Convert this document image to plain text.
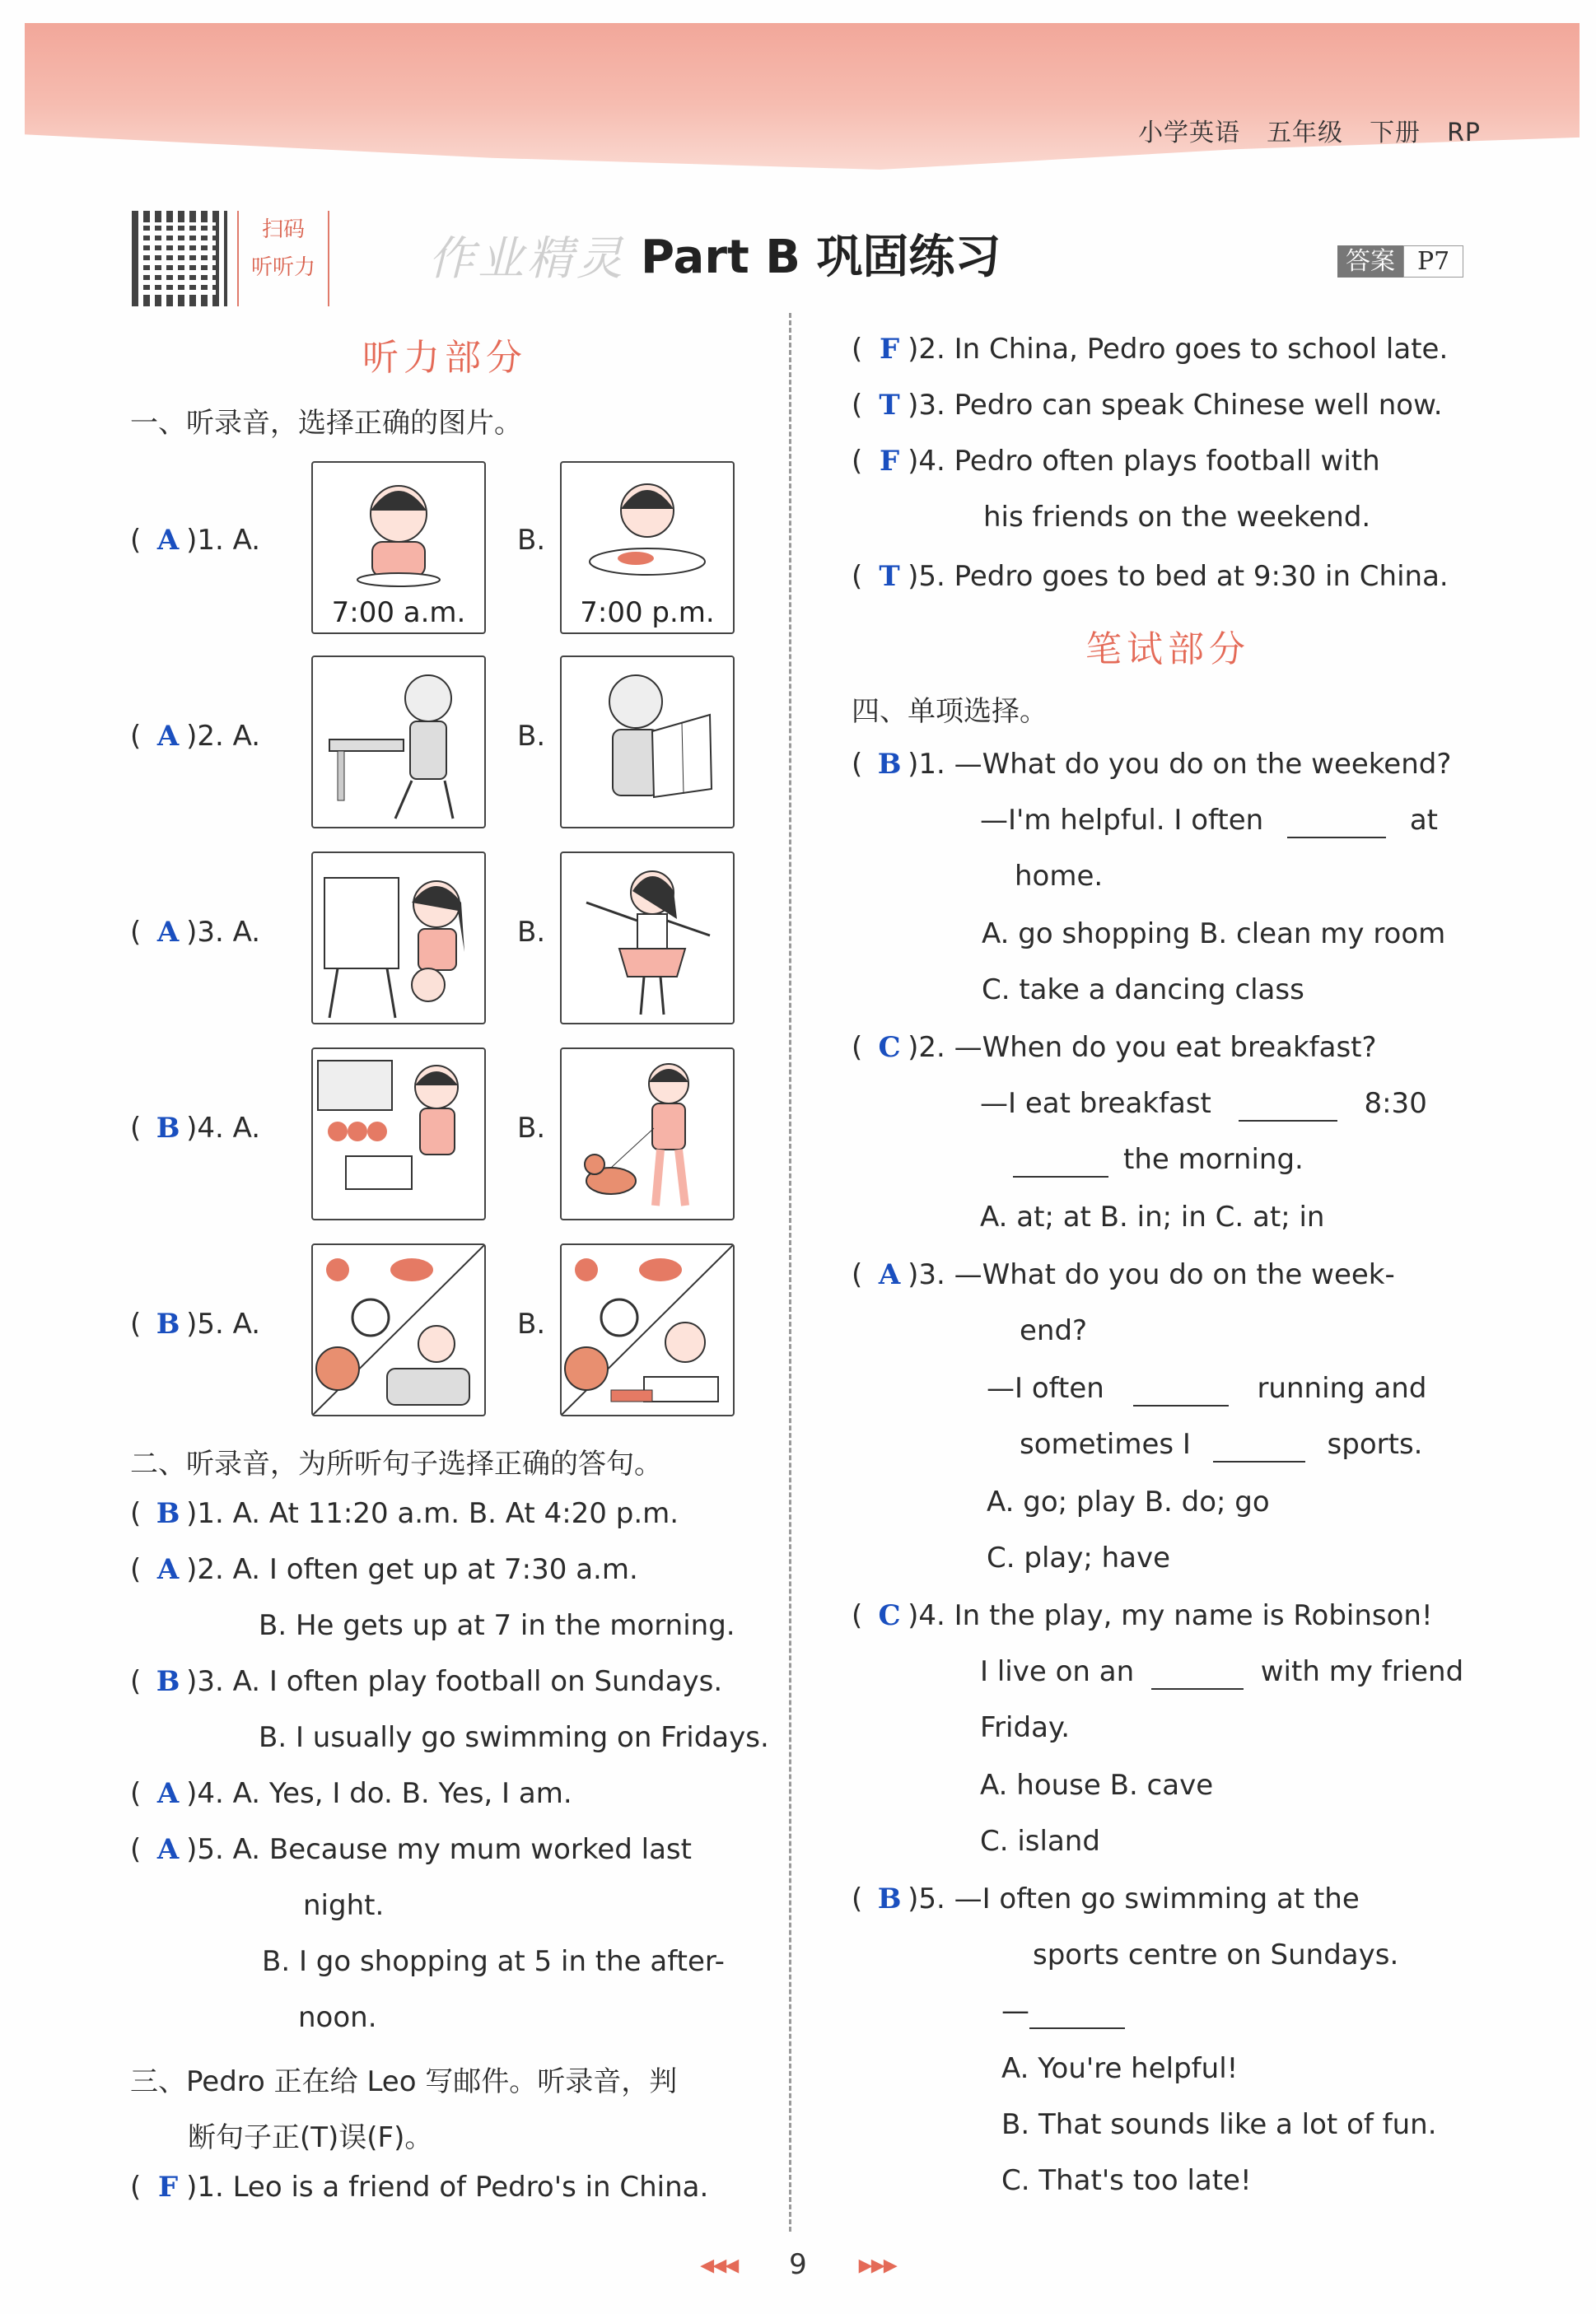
小学英语 五年级 下册 RP
扫码
听听力 作业精灵 Part B 巩固练习	答案 P7
听力部分
一、听录音，选择正确的图片。
( A )1. A.
7:00 a.m.
B.
7:00 p.m.
( A )2. A.	B.
( A )3. A.	B.
( B )4. A.	B.
( B )5. A.	B.
二、听录音，为所听句子选择正确的答句。
( B )1. A. At 11:20 a.m. B. At 4:20 p.m.
( A )2. A. I often get up at 7:30 a.m.
B. He gets up at 7 in the morning.
( B )3. A. I often play football on Sundays.
B. I usually go swimming on Fridays.
( A )4. A. Yes, I do. B. Yes, I am.
( A )5. A. Because my mum worked last
night.
B. I go shopping at 5 in the after-
noon.
三、Pedro 正在给 Leo 写邮件。听录音，判
断句子正(T)误(F)。
( F )1. Leo is a friend of Pedro's in China.
( F )2. In China, Pedro goes to school late.
( T )3. Pedro can speak Chinese well now.
( F )4. Pedro often plays football with
his friends on the weekend.
( T )5. Pedro goes to bed at 9:30 in China.
笔试部分
四、单项选择。
( B )1. —What do you do on the weekend?
—I'm helpful. I often	at
home.
A. go shopping B. clean my room
C. take a dancing class
( C )2. —When do you eat breakfast?
—I eat breakfast	8:30
the morning.
A. at; at B. in; in C. at; in
( A )3. —What do you do on the week-
end?
—I often	running and
sometimes I	sports.
A. go; play B. do; go
C. play; have
( C )4. In the play, my name is Robinson!
I live on an	with my friend
Friday.
A. house B. cave
C. island
( B )5. —I often go swimming at the
sports centre on Sundays.
—
A. You're helpful!
B. That sounds like a lot of fun.
C. That's too late!
◂◂◂ 9 ▸▸▸
